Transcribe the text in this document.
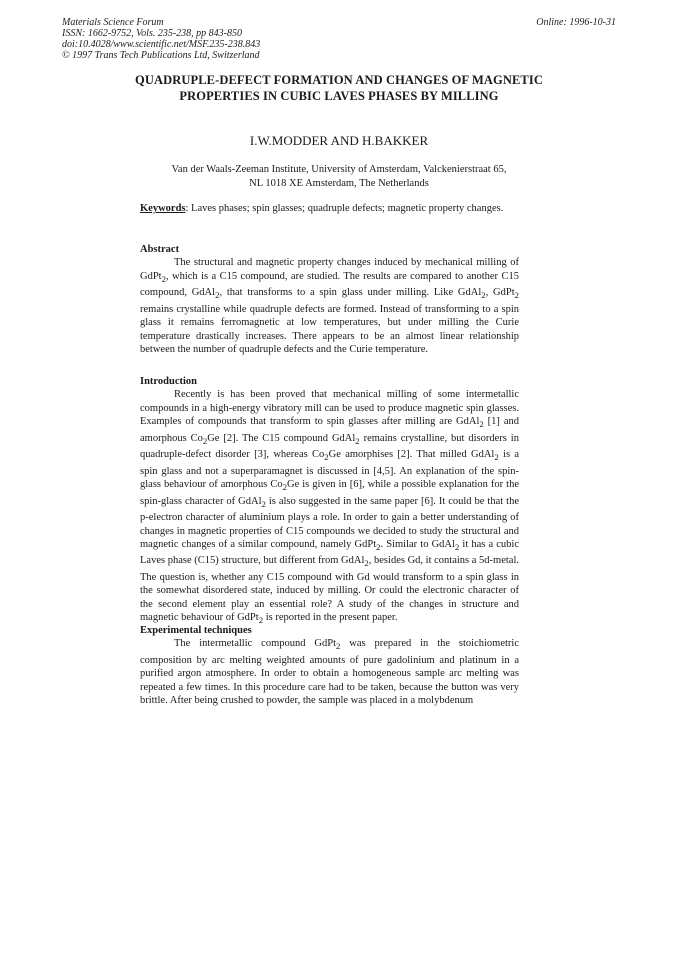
Materials Science Forum
ISSN: 1662-9752, Vols. 235-238, pp 843-850
doi:10.4028/www.scientific.net/MSF.235-238.843
© 1997 Trans Tech Publications Ltd, Switzerland
Online: 1996-10-31
QUADRUPLE-DEFECT FORMATION AND CHANGES OF MAGNETIC PROPERTIES IN CUBIC LAVES PHASES BY MILLING
I.W.MODDER AND H.BAKKER
Van der Waals-Zeeman Institute, University of Amsterdam, Valckenierstraat 65,
NL 1018 XE Amsterdam, The Netherlands
Keywords: Laves phases; spin glasses; quadruple defects; magnetic property changes.
Abstract

The structural and magnetic property changes induced by mechanical milling of GdPt$_2$, which is a C15 compound, are studied. The results are compared to another C15 compound, GdAl$_2$, that transforms to a spin glass under milling. Like GdAl$_2$, GdPt$_2$ remains crystalline while quadruple defects are formed. Instead of transforming to a spin glass it remains ferromagnetic at low temperatures, but under milling the Curie temperature drastically increases. There appears to be an almost linear relationship between the number of quadruple defects and the Curie temperature.

Introduction

Recently is has been proved that mechanical milling of some intermetallic compounds in a high-energy vibratory mill can be used to produce magnetic spin glasses. Examples of compounds that transform to spin glasses after milling are GdAl$_2$ [1] and amorphous $Co_2Ge$ [2]. The C15 compound GdAl$_2$ remains crystalline, but disorders in quadruple-defect disorder [3], whereas $Co_2Ge$ amorphises [2]. That milled GdAl$_2$ is a spin glass and not a superparamagnet is discussed in [4,5]. An explanation of the spin-glass behaviour of amorphous $Co_2Ge$ is given in [6], while a possible explanation for the spin-glass character of GdAl$_2$ is also suggested in the same paper [6]. It could be that the p-electron character of aluminium plays a role. In order to gain a better understanding of changes in magnetic properties of C15 compounds we decided to study the structural and magnetic changes of a similar compound, namely GdPt$_2$. Similar to GdAl$_2$ it has a cubic Laves phase (C15) structure, but different from GdAl$_2$, besides Gd, it contains a 5d-metal. The question is, whether any C15 compound with Gd would transform to a spin glass in the somewhat disordered state, induced by milling. Or could the electronic character of the second element play an essential role? A study of the changes in structure and magnetic behaviour of GdPt$_2$ is reported in the present paper.

Experimental techniques

The intermetallic compound GdPt$_2$ was prepared in the stoichiometric composition by arc melting weighted amounts of pure gadolinium and platinum in a purified argon atmosphere. In order to obtain a homogeneous sample arc melting was repeated a few times. In this procedure care had to be taken, because the button was very brittle. After being crushed to powder, the sample was placed in a molybdenum
